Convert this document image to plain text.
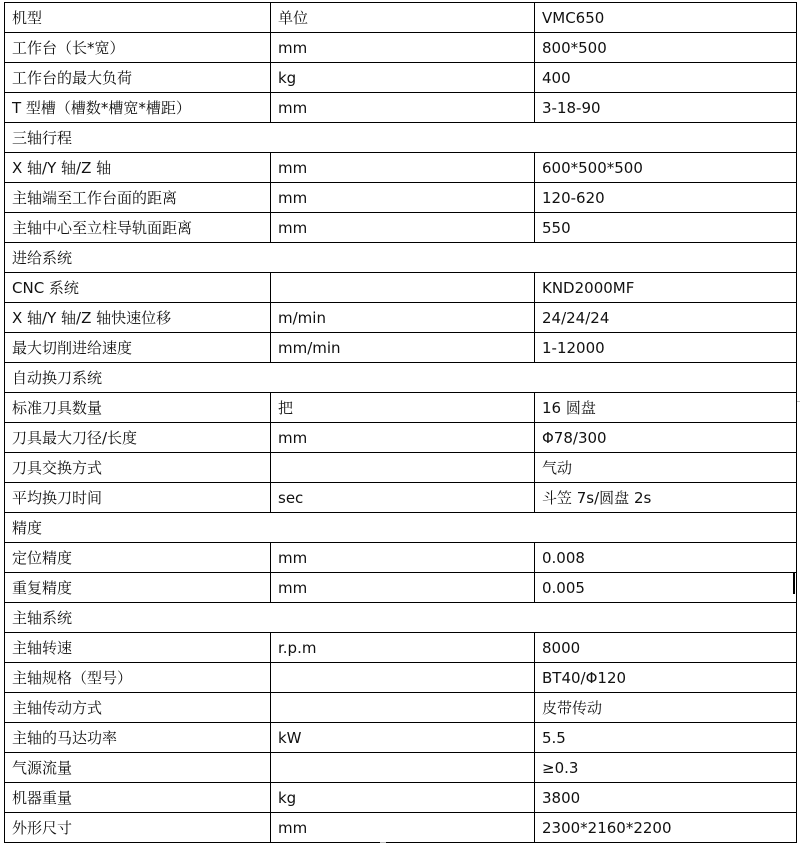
机型	单位	VMC650
工作台（长*宽）	mm	800*500
工作台的最大负荷	kg	400
T 型槽（槽数*槽宽*槽距）	mm	3-18-90
三轴行程		
X 轴/Y 轴/Z 轴	mm	600*500*500
主轴端至工作台面的距离	mm	120-620
主轴中心至立柱导轨面距离	mm	550
进给系统		
CNC 系统		KND2000MF
X 轴/Y 轴/Z 轴快速位移	m/min	24/24/24
最大切削进给速度	mm/min	1-12000
自动换刀系统		
标准刀具数量	把	16 圆盘
刀具最大刀径/长度	mm	Φ78/300
刀具交换方式		气动
平均换刀时间	sec	斗笠 7s/圆盘 2s
精度		
定位精度	mm	0.008
重复精度	mm	0.005
主轴系统		
主轴转速	r.p.m	8000
主轴规格（型号）		BT40/Φ120
主轴传动方式		皮带传动
主轴的马达功率	kW	5.5
气源流量		≥0.3
机器重量	kg	3800
外形尺寸	mm	2300*2160*2200
